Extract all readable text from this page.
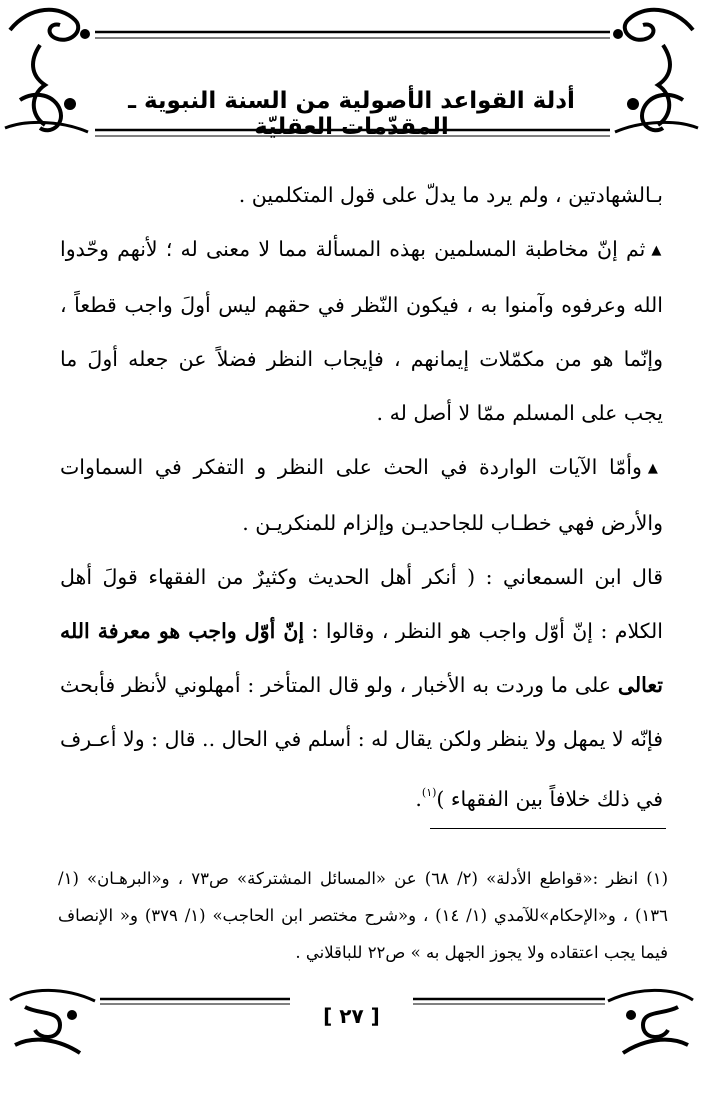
أدلة القواعد الأصولية من السنة النبوية ـ المقدّمات العقليّة

بـالشهادتين ، ولم يرد ما يدلّ على قول المتكلمين .

▲ثم إنّ مخاطبة المسلمين بهذه المسألة مما لا معنى له ؛ لأنهم وحّدوا الله وعرفوه وآمنوا به ، فيكون النّظر في حقهم ليس أولَ واجب قطعاً ، وإنّما هو من مكمّلات إيمانهم ، فإيجاب النظر فضلاً عن جعله أولَ ما يجب على المسلم ممّا لا أصل له .

▲وأمّا الآيات الواردة في الحث على النظر و التفكر في السماوات والأرض فهي خطـاب للجاحديـن وإلزام للمنكريـن .

قال ابن السمعاني : ( أنكر أهل الحديث وكثيرٌ من الفقهاء قولَ أهل الكلام : إنّ أوّل واجب هو النظر ، وقالوا : إنّ أوّل واجب هو معرفة الله تعالى على ما وردت به الأخبار ، ولو قال المتأخر : أمهلوني لأنظر فأبحث فإنّه لا يمهل ولا ينظر ولكن يقال له : أسلم في الحال .. قال : ولا أعـرف في ذلك خلافاً بين الفقهاء )$^{(١)}$.

(١) انظر :«قواطع الأدلة» (٢/ ٦٨) عن «المسائل المشتركة» ص٧٣ ، و«البرهـان» (١/ ١٣٦) ، و«الإحكام»للآمدي (١/ ١٤) ، و«شرح مختصر ابن الحاجب» (١/ ٣٧٩) و« الإنصاف فيما يجب اعتقاده ولا يجوز الجهل به » ص٢٢ للباقلاني .

[ ٢٧ ]
